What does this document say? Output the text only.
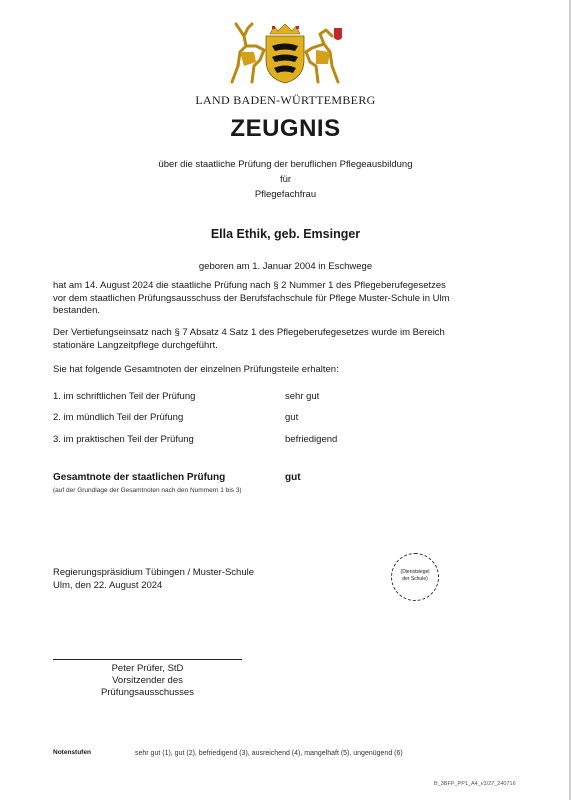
LAND BADEN-WÜRTTEMBERG
ZEUGNIS
über die staatliche Prüfung der beruflichen Pflegeausbildung
für
Pflegefachfrau
Ella Ethik, geb. Emsinger
geboren am 1. Januar 2004 in Eschwege
hat am 14. August 2024 die staatliche Prüfung nach § 2 Nummer 1 des Pflegeberufegesetzes
vor dem staatlichen Prüfungsausschuss der Berufsfachschule für Pflege Muster-Schule in Ulm
bestanden.
Der Vertiefungseinsatz nach § 7 Absatz 4 Satz 1 des Pflegeberufegesetzes wurde im Bereich
stationäre Langzeitpflege durchgeführt.
Sie hat folgende Gesamtnoten der einzelnen Prüfungsteile erhalten:
1. im schriftlichen Teil der Prüfung	sehr gut
2. im mündlich Teil der Prüfung	gut
3. im praktischen Teil der Prüfung	befriedigend
Gesamtnote der staatlichen Prüfung	gut
(auf der Grundlage der Gesamtnoten nach den Nummern 1 bis 3)
Regierungspräsidium Tübingen / Muster-Schule
Ulm, den 22. August 2024
(Dienstsiegel
der Schule)
Peter Prüfer, StD
Vorsitzender des
Prüfungsausschusses
Notenstufen	sehr gut (1), gut (2), befriedigend (3), ausreichend (4), mangelhaft (5), ungenügend (6)
B_3BFP_PP1_A4_v3/27_240716
